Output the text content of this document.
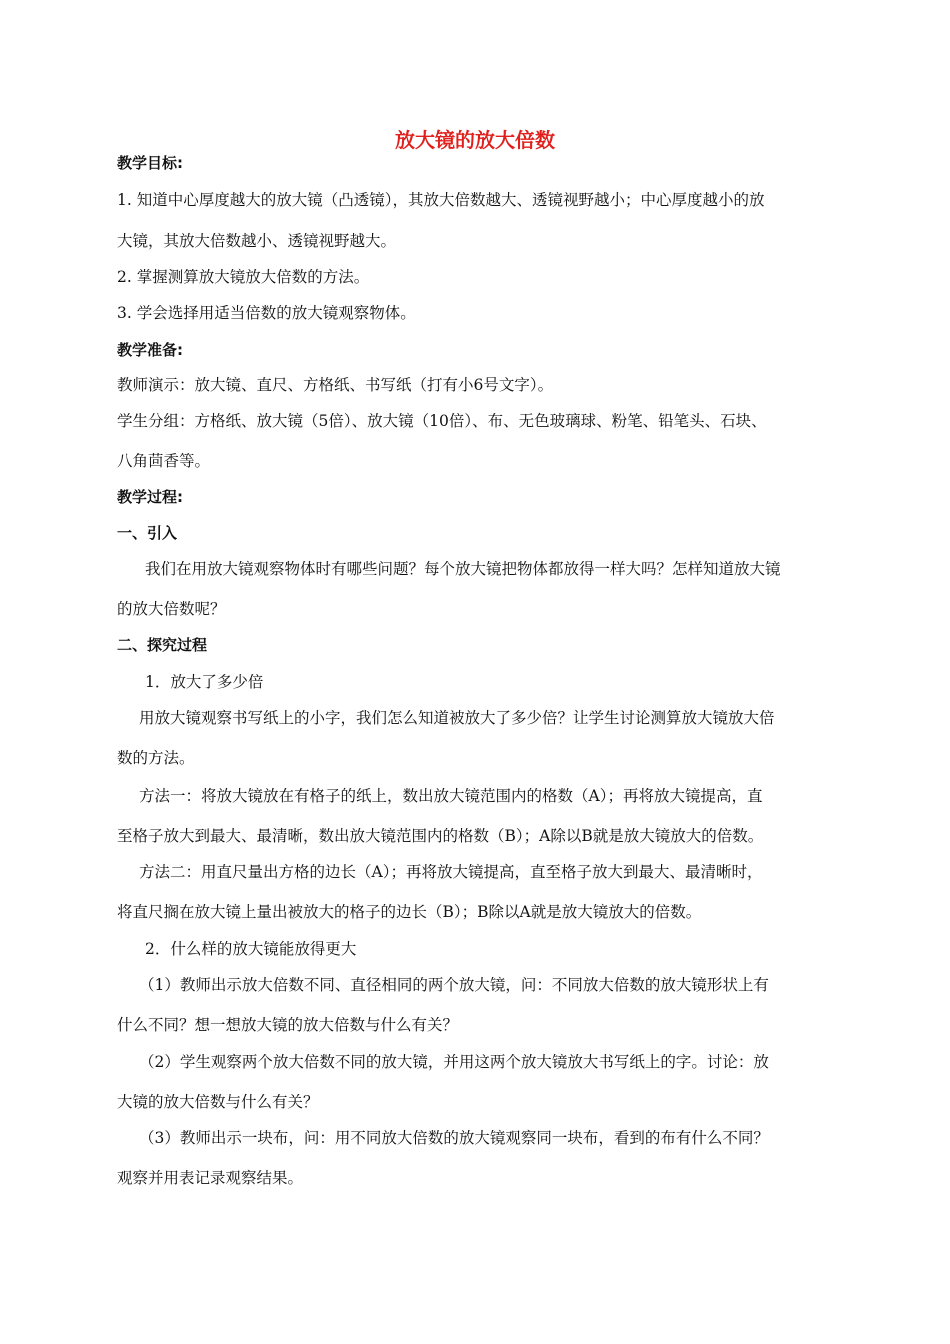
放大镜的放大倍数
教学目标:
1. 知道中心厚度越大的放大镜（凸透镜），其放大倍数越大、透镜视野越小；中心厚度越小的放
大镜，其放大倍数越小、透镜视野越大。
2. 掌握测算放大镜放大倍数的方法。
3. 学会选择用适当倍数的放大镜观察物体。
教学准备:
教师演示：放大镜、直尺、方格纸、书写纸（打有小6号文字）。
学生分组：方格纸、放大镜（5倍）、放大镜（10倍）、布、无色玻璃球、粉笔、铅笔头、石块、
八角茴香等。
教学过程:
一、引入
我们在用放大镜观察物体时有哪些问题？每个放大镜把物体都放得一样大吗？怎样知道放大镜
的放大倍数呢？
二、探究过程
1．放大了多少倍
用放大镜观察书写纸上的小字，我们怎么知道被放大了多少倍？让学生讨论测算放大镜放大倍
数的方法。
方法一：将放大镜放在有格子的纸上，数出放大镜范围内的格数（A）；再将放大镜提高，直
至格子放大到最大、最清晰，数出放大镜范围内的格数（B）；A除以B就是放大镜放大的倍数。
方法二：用直尺量出方格的边长（A）；再将放大镜提高，直至格子放大到最大、最清晰时，
将直尺搁在放大镜上量出被放大的格子的边长（B）；B除以A就是放大镜放大的倍数。
2．什么样的放大镜能放得更大
（1）教师出示放大倍数不同、直径相同的两个放大镜，问：不同放大倍数的放大镜形状上有
什么不同？想一想放大镜的放大倍数与什么有关？
（2）学生观察两个放大倍数不同的放大镜，并用这两个放大镜放大书写纸上的字。讨论：放
大镜的放大倍数与什么有关？
（3）教师出示一块布，问：用不同放大倍数的放大镜观察同一块布，看到的布有什么不同？
观察并用表记录观察结果。
